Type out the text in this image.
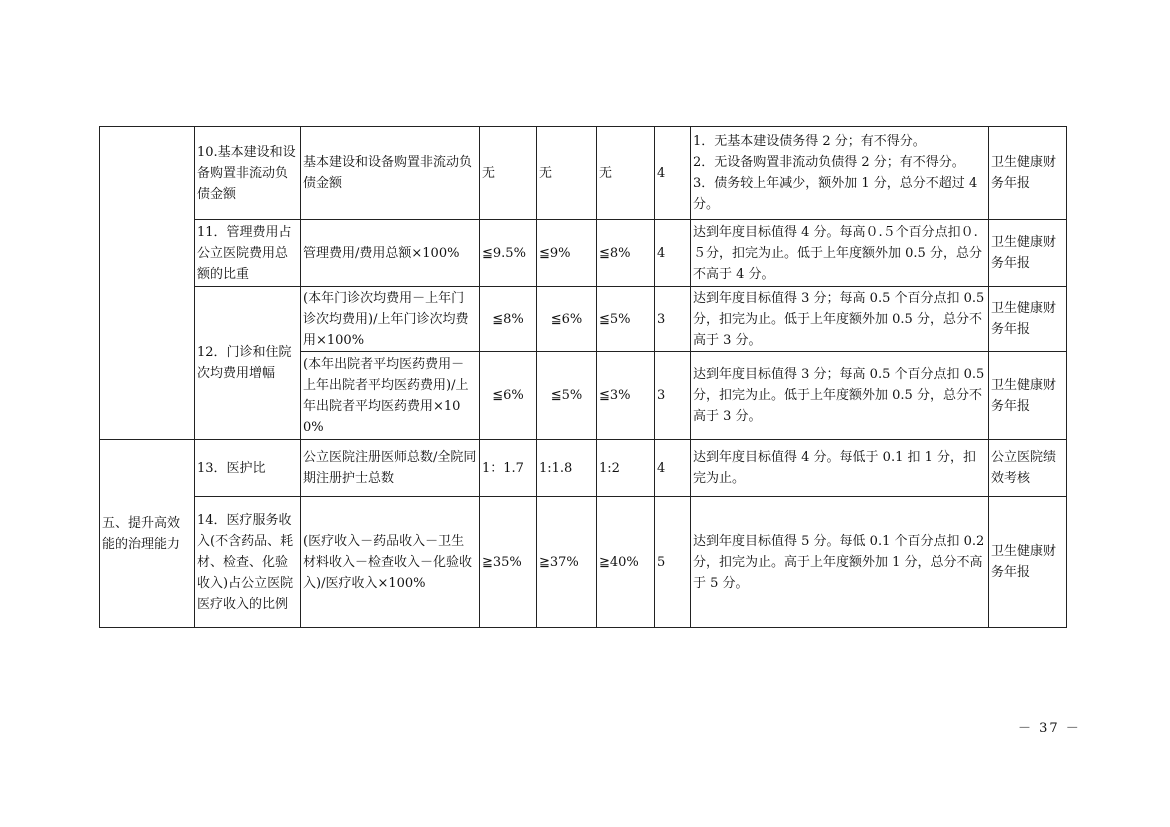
	10.基本建设和设备购置非流动负债金额	基本建设和设备购置非流动负债金额	无	无	无	4	1．无基本建设债务得 2 分；有不得分。
2．无设备购置非流动负债得 2 分；有不得分。
3．债务较上年减少，额外加 1 分，总分不超过 4 分。	卫生健康财务年报
	11．管理费用占公立医院费用总额的比重	管理费用/费用总额×100%	≦9.5%	≦9%	≦8%	4	达到年度目标值得 4 分。每高０.５个百分点扣０.５分，扣完为止。低于上年度额外加 0.5 分，总分不高于 4 分。	卫生健康财务年报
	12．门诊和住院次均费用增幅	(本年门诊次均费用－上年门诊次均费用)/上年门诊次均费用×100%	≦8%	≦6%	≦5%	3	达到年度目标值得 3 分；每高 0.5 个百分点扣 0.5 分，扣完为止。低于上年度额外加 0.5 分，总分不高于 3 分。	卫生健康财务年报
		(本年出院者平均医药费用－上年出院者平均医药费用)/上年出院者平均医药费用×100%	≦6%	≦5%	≦3%	3	达到年度目标值得 3 分；每高 0.5 个百分点扣 0.5 分，扣完为止。低于上年度额外加 0.5 分，总分不高于 3 分。	卫生健康财务年报
五、提升高效能的治理能力	13．医护比	公立医院注册医师总数/全院同期注册护士总数	1：1.7	1:1.8	1:2	4	达到年度目标值得 4 分。每低于 0.1 扣 1 分，扣完为止。	公立医院绩效考核
	14．医疗服务收入(不含药品、耗材、检查、化验收入)占公立医院医疗收入的比例	(医疗收入－药品收入－卫生材料收入－检查收入－化验收入)/医疗收入×100%	≧35%	≧37%	≧40%	5	达到年度目标值得 5 分。每低 0.1 个百分点扣 0.2 分，扣完为止。高于上年度额外加 1 分，总分不高于 5 分。	卫生健康财务年报
－ 37 －
